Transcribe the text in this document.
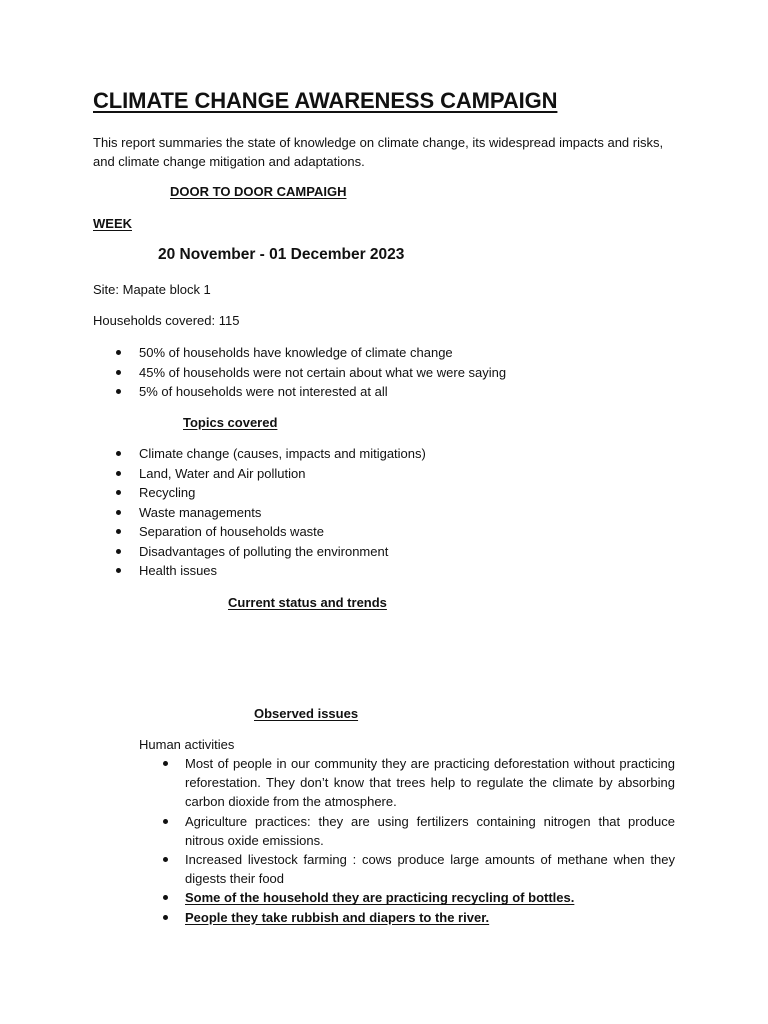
CLIMATE CHANGE AWARENESS CAMPAIGN
This report summaries the state of knowledge on climate change, its widespread impacts and risks, and climate change mitigation and adaptations.
DOOR TO DOOR CAMPAIGH
WEEK
20 November - 01 December 2023
Site: Mapate block 1
Households covered: 115
50% of households have knowledge of climate change
45% of households were not certain about what we were saying
5% of households were not interested at all
Topics covered
Climate change (causes, impacts and mitigations)
Land, Water and Air pollution
Recycling
Waste managements
Separation of households waste
Disadvantages of polluting the environment
Health issues
Current status and trends
Observed issues
Human activities
Most of people in our community they are practicing deforestation without practicing reforestation. They don’t know that trees help to regulate the climate by absorbing carbon dioxide from the atmosphere.
Agriculture practices: they are using fertilizers containing nitrogen that produce nitrous oxide emissions.
Increased livestock farming : cows produce large amounts of methane when they digests their food
Some of the household they are practicing recycling of bottles.
People they take rubbish and diapers to the river.
